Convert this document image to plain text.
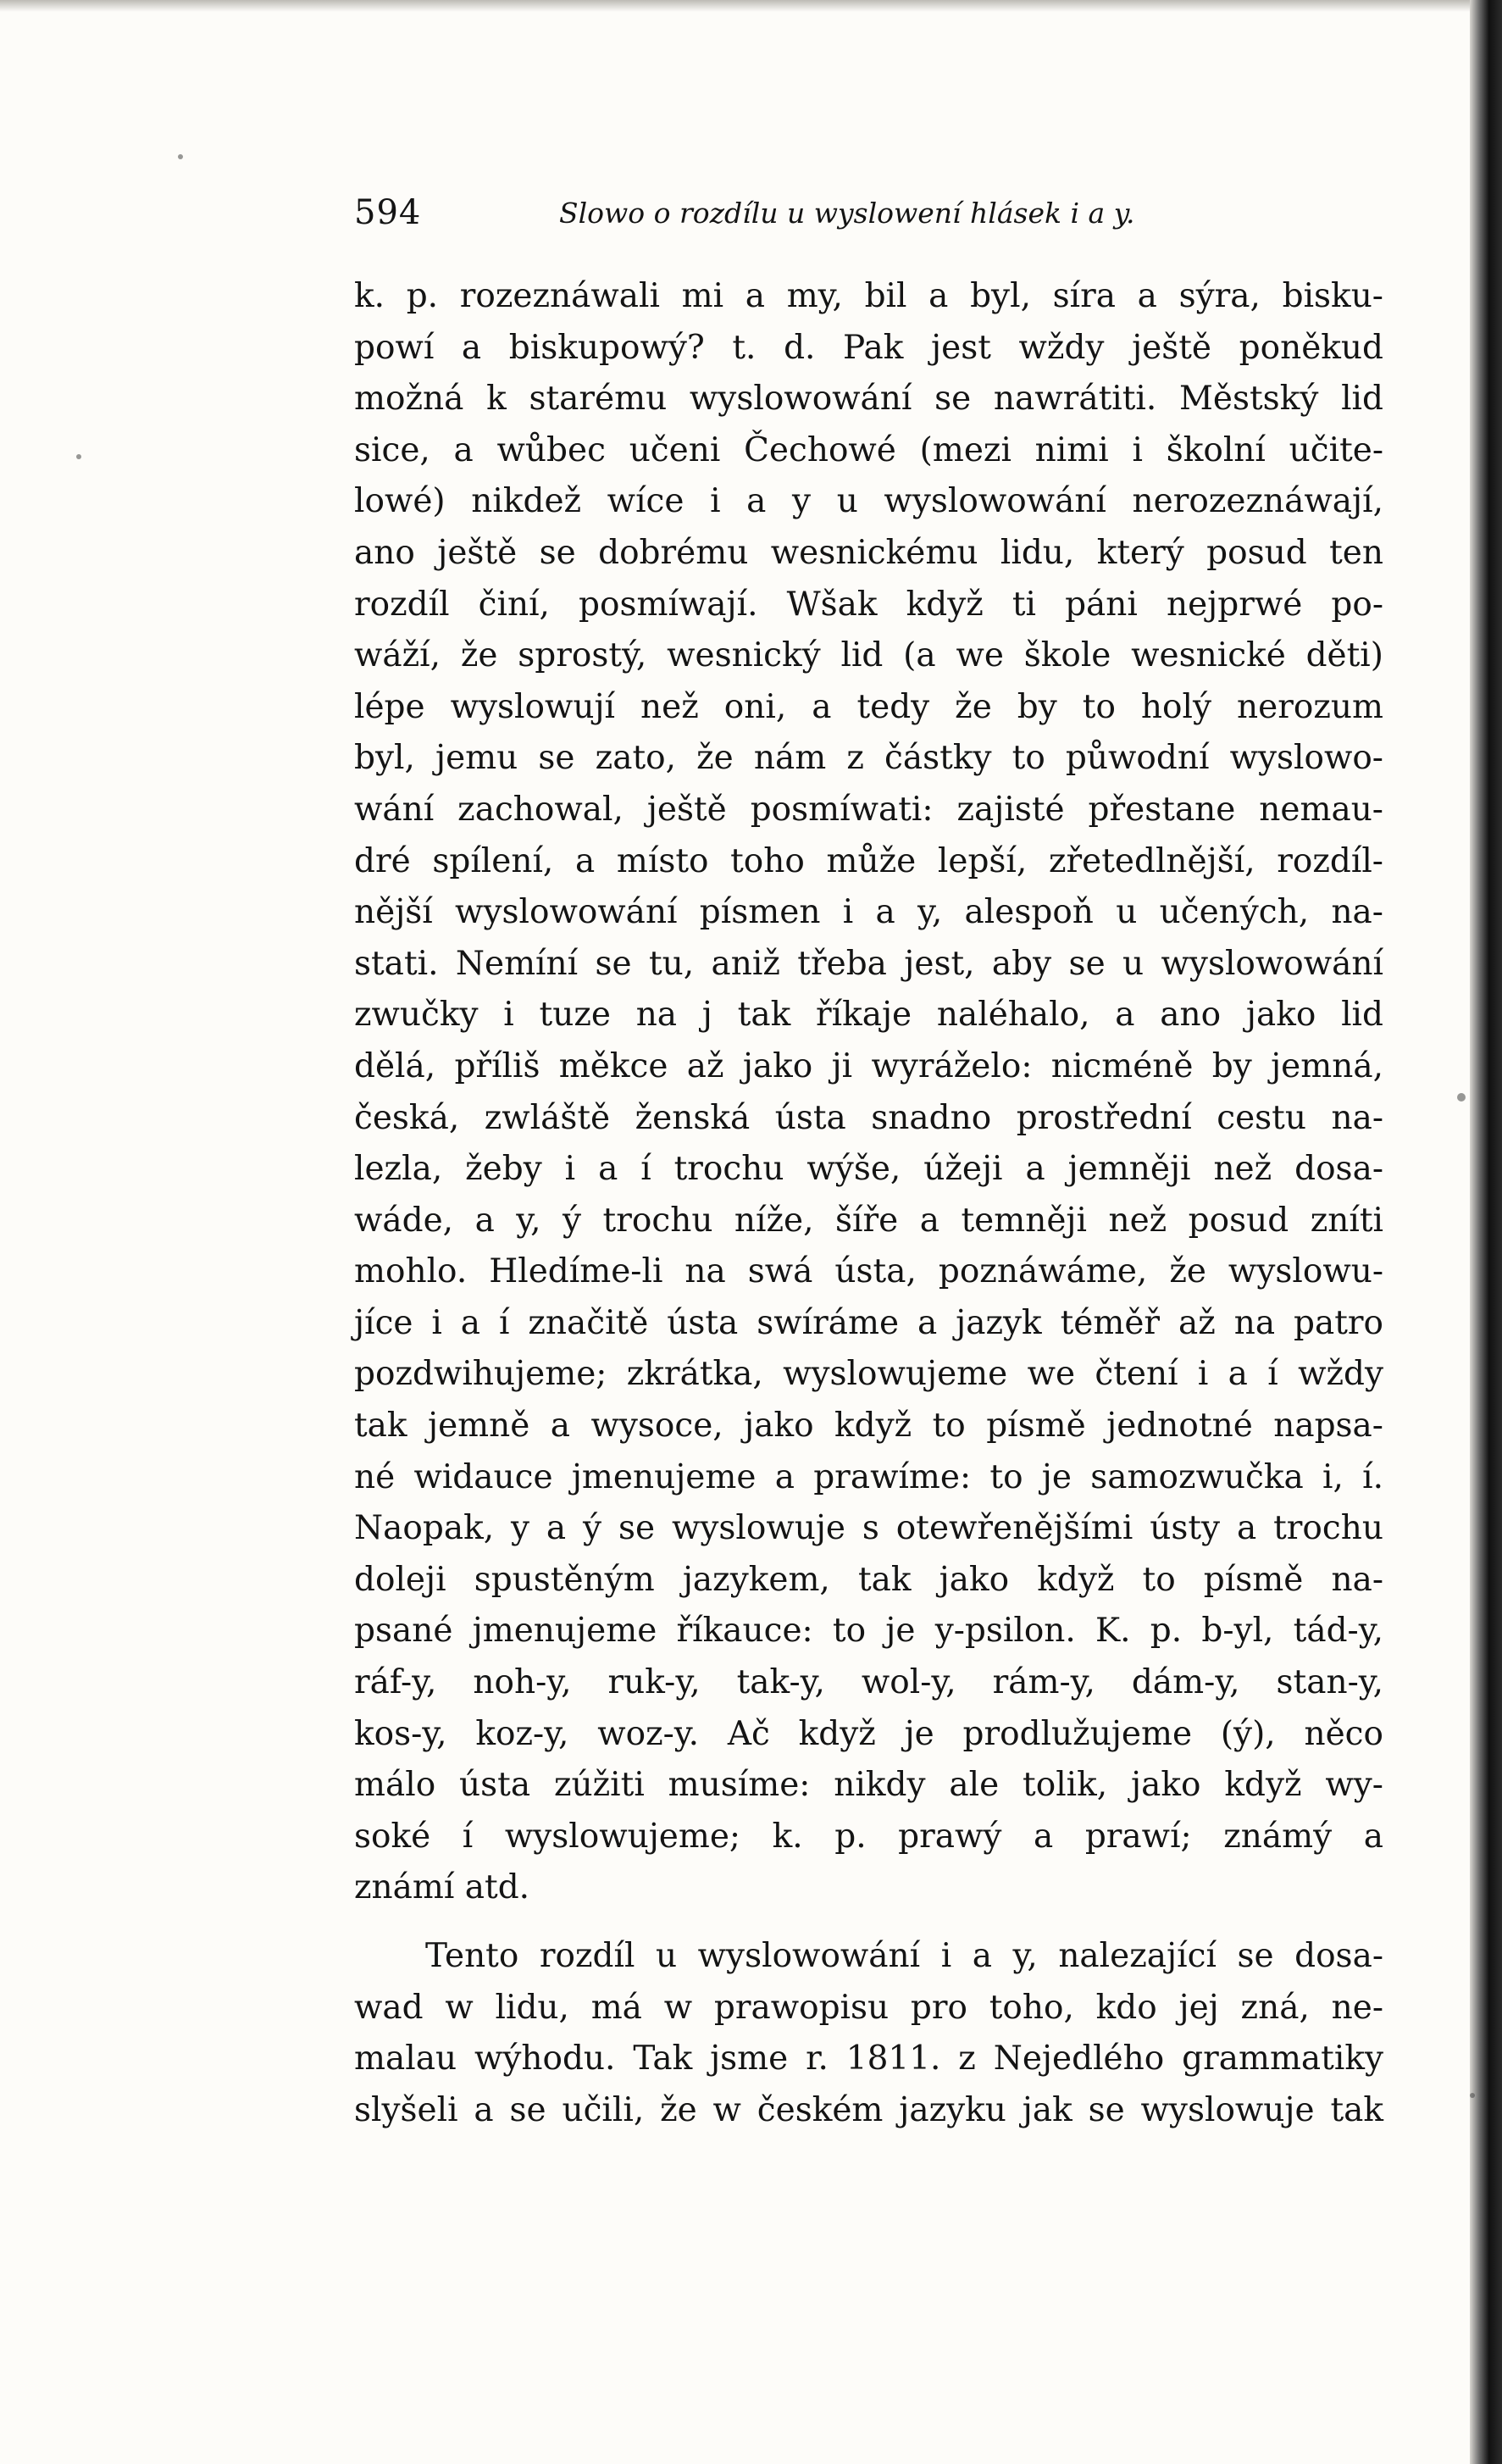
594	Slowo o rozdílu u wyslowení hlásek i a y.
k. p. rozeznáwali mi a my, bil a byl, síra a sýra, bisku-
powí a biskupowý? t. d. Pak jest wždy ještě poněkud
možná k starému wyslowowání se nawrátiti. Městský lid
sice, a wůbec učeni Čechowé (mezi nimi i školní učite-
lowé) nikdež wíce i a y u wyslowowání nerozeznáwají,
ano ještě se dobrému wesnickému lidu, který posud ten
rozdíl činí, posmíwají. Wšak když ti páni nejprwé po-
wáží, že sprostý, wesnický lid (a we škole wesnické děti)
lépe wyslowují než oni, a tedy že by to holý nerozum
byl, jemu se zato, že nám z částky to půwodní wyslowo-
wání zachowal, ještě posmíwati: zajisté přestane nemau-
dré spílení, a místo toho může lepší, zřetedlnější, rozdíl-
nější wyslowowání písmen i a y, alespoň u učených, na-
stati. Nemíní se tu, aniž třeba jest, aby se u wyslowowání
zwučky i tuze na j tak říkaje naléhalo, a ano jako lid
dělá, příliš měkce až jako ji wyráželo: nicméně by jemná,
česká, zwláště ženská ústa snadno prostřední cestu na-
lezla, žeby i a í trochu wýše, úžeji a jemněji než dosa-
wáde, a y, ý trochu níže, šíře a temněji než posud zníti
mohlo. Hledíme-li na swá ústa, poznáwáme, že wyslowu-
jíce i a í značitě ústa swíráme a jazyk téměř až na patro
pozdwihujeme; zkrátka, wyslowujeme we čtení i a í wždy
tak jemně a wysoce, jako když to písmě jednotné napsa-
né widauce jmenujeme a prawíme: to je samozwučka i, í.
Naopak, y a ý se wyslowuje s otewřenějšími ústy a trochu
doleji spustěným jazykem, tak jako když to písmě na-
psané jmenujeme říkauce: to je y-psilon. K. p. b-yl, tád-y,
ráf-y, noh-y, ruk-y, tak-y, wol-y, rám-y, dám-y, stan-y,
kos-y, koz-y, woz-y. Ač když je prodlužujeme (ý), něco
málo ústa zúžiti musíme: nikdy ale tolik, jako když wy-
soké í wyslowujeme; k. p. prawý a prawí; známý a
známí atd.
Tento rozdíl u wyslowowání i a y, nalezající se dosa-
wad w lidu, má w prawopisu pro toho, kdo jej zná, ne-
malau wýhodu. Tak jsme r. 1811. z Nejedlého grammatiky
slyšeli a se učili, že w českém jazyku jak se wyslowuje tak
